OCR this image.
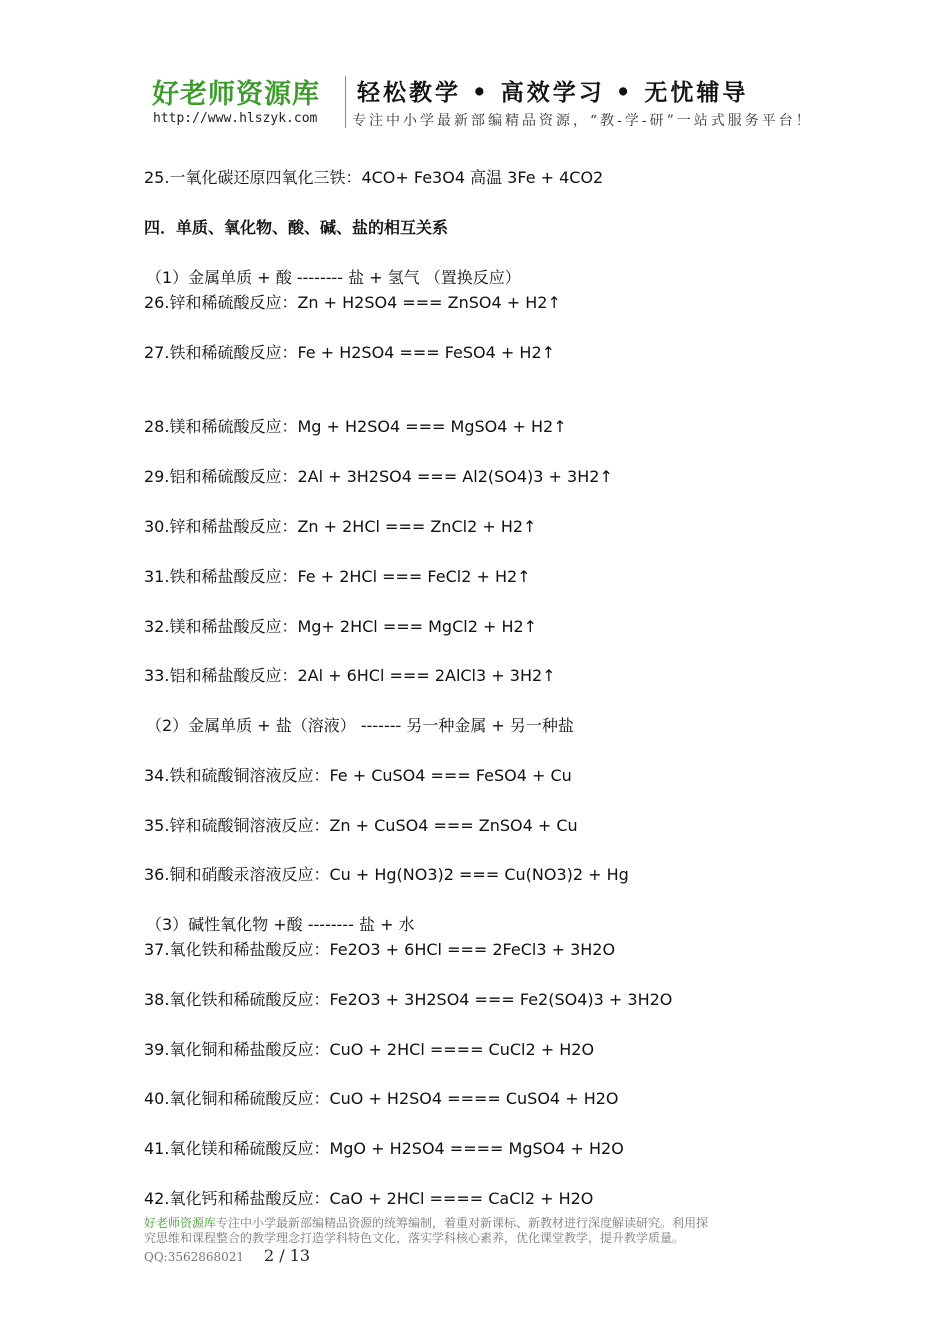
好老师资源库
http://www.hlszyk.com
轻松教学 • 高效学习 • 无忧辅导
专注中小学最新部编精品资源，“教-学-研”一站式服务平台！
25.一氧化碳还原四氧化三铁：4CO+ Fe3O4 高温 3Fe + 4CO2
四．单质、氧化物、酸、碱、盐的相互关系
（1）金属单质 + 酸 -------- 盐 + 氢气 （置换反应）
26.锌和稀硫酸反应：Zn + H2SO4 === ZnSO4 + H2↑
27.铁和稀硫酸反应：Fe + H2SO4 === FeSO4 + H2↑
28.镁和稀硫酸反应：Mg + H2SO4 === MgSO4 + H2↑
29.铝和稀硫酸反应：2Al + 3H2SO4 === Al2(SO4)3 + 3H2↑
30.锌和稀盐酸反应：Zn + 2HCl === ZnCl2 + H2↑
31.铁和稀盐酸反应：Fe + 2HCl === FeCl2 + H2↑
32.镁和稀盐酸反应：Mg+ 2HCl === MgCl2 + H2↑
33.铝和稀盐酸反应：2Al + 6HCl === 2AlCl3 + 3H2↑
（2）金属单质 + 盐（溶液） ------- 另一种金属 + 另一种盐
34.铁和硫酸铜溶液反应：Fe + CuSO4 === FeSO4 + Cu
35.锌和硫酸铜溶液反应：Zn + CuSO4 === ZnSO4 + Cu
36.铜和硝酸汞溶液反应：Cu + Hg(NO3)2 === Cu(NO3)2 + Hg
（3）碱性氧化物 +酸 -------- 盐 + 水
37.氧化铁和稀盐酸反应：Fe2O3 + 6HCl === 2FeCl3 + 3H2O
38.氧化铁和稀硫酸反应：Fe2O3 + 3H2SO4 === Fe2(SO4)3 + 3H2O
39.氧化铜和稀盐酸反应：CuO + 2HCl ==== CuCl2 + H2O
40.氧化铜和稀硫酸反应：CuO + H2SO4 ==== CuSO4 + H2O
41.氧化镁和稀硫酸反应：MgO + H2SO4 ==== MgSO4 + H2O
42.氧化钙和稀盐酸反应：CaO + 2HCl ==== CaCl2 + H2O
好老师资源库专注中小学最新部编精品资源的统筹编制，着重对新课标、新教材进行深度解读研究。利用探
究思维和课程整合的教学理念打造学科特色文化，落实学科核心素养，优化课堂教学，提升教学质量。
QQ:3562868021 2 / 13
